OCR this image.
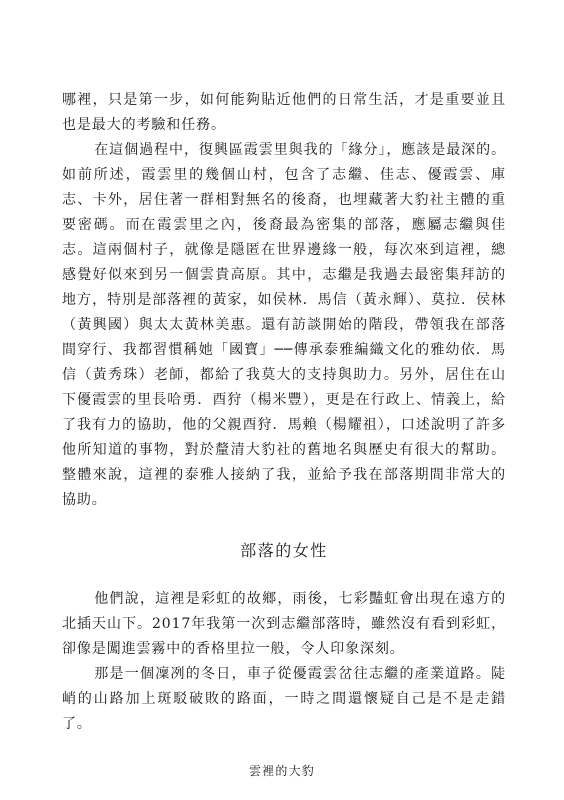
哪裡，只是第一步，如何能夠貼近他們的日常生活，才是重要並且也是最大的考驗和任務。

在這個過程中，復興區霞雲里與我的「緣分」，應該是最深的。如前所述，霞雲里的幾個山村，包含了志繼、佳志、優霞雲、庫志、卡外，居住著一群相對無名的後裔，也埋藏著大豹社主體的重要密碼。而在霞雲里之內，後裔最為密集的部落，應屬志繼與佳志。這兩個村子，就像是隱匿在世界邊緣一般，每次來到這裡，總感覺好似來到另一個雲貴高原。其中，志繼是我過去最密集拜訪的地方，特別是部落裡的黃家，如侯林．馬信（黃永輝）、莫拉．侯林（黃興國）與太太黃林美惠。還有訪談開始的階段，帶領我在部落間穿行、我都習慣稱她「國寶」──傳承泰雅編織文化的雅幼依．馬信（黃秀珠）老師，都給了我莫大的支持與助力。另外，居住在山下優霞雲的里長哈勇．酉狩（楊米豐），更是在行政上、情義上，給了我有力的協助，他的父親酉狩．馬賴（楊耀祖），口述說明了許多他所知道的事物，對於釐清大豹社的舊地名與歷史有很大的幫助。整體來說，這裡的泰雅人接納了我，並給予我在部落期間非常大的協助。

部落的女性

他們說，這裡是彩虹的故鄉，雨後，七彩豔虹會出現在遠方的北插天山下。2017年我第一次到志繼部落時，雖然沒有看到彩虹，卻像是闖進雲霧中的香格里拉一般，令人印象深刻。

那是一個凜冽的冬日，車子從優霞雲岔往志繼的產業道路。陡峭的山路加上斑駁破敗的路面，一時之間還懷疑自己是不是走錯了。

雲裡的大豹
